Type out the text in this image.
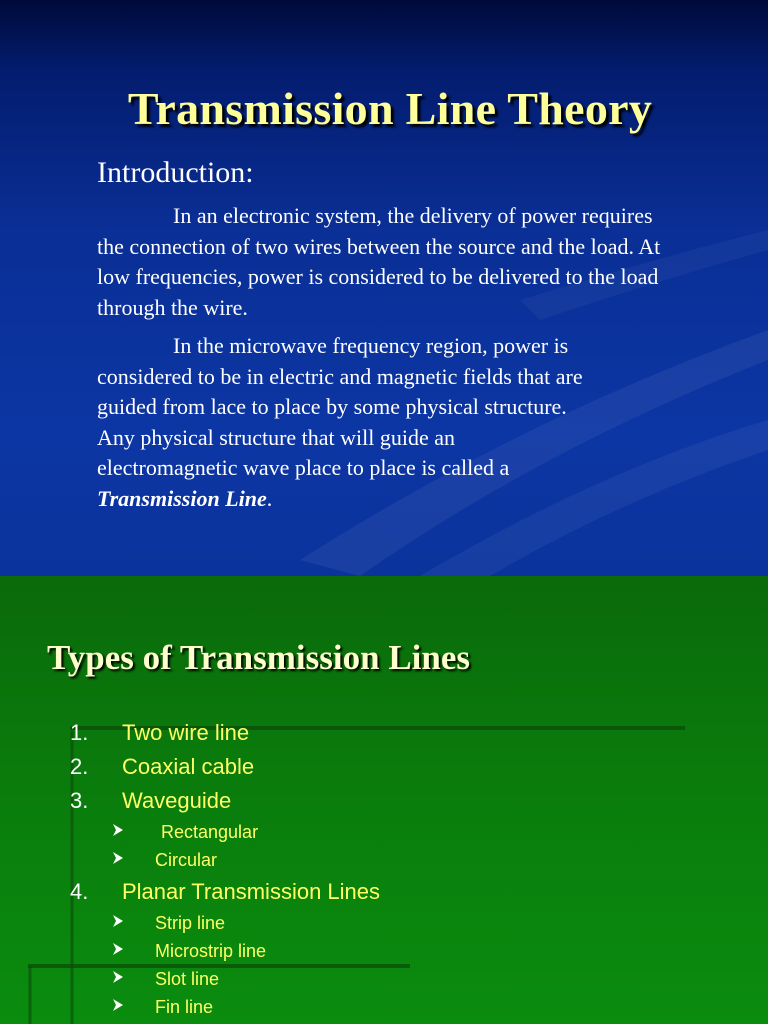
Transmission Line Theory
Introduction:
In an electronic system, the delivery of power requires the connection of two wires between the source and the load. At low frequencies, power is considered to be delivered to the load through the wire.
In the microwave frequency region, power is
considered to be in electric and magnetic fields that are
guided from lace to place by some physical structure.
Any physical structure that will guide an
electromagnetic wave place to place is called a
Transmission Line.
Types of Transmission Lines
1. Two wire line
2. Coaxial cable
3. Waveguide
Rectangular
Circular
4. Planar Transmission Lines
Strip line
Microstrip line
Slot line
Fin line
